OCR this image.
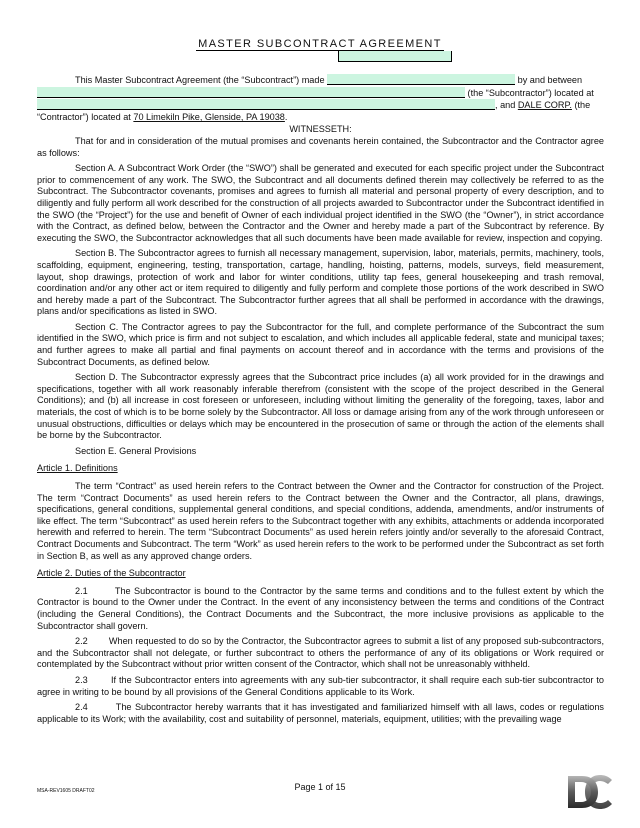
MASTER SUBCONTRACT AGREEMENT

This Master Subcontract Agreement (the “Subcontract”) made	by and between
(the “Subcontractor”) located at
, and DALE CORP. (the
“Contractor”) located at 70 Limekiln Pike, Glenside, PA 19038.

WITNESSETH:

That for and in consideration of the mutual promises and covenants herein contained, the Subcontractor and the Contractor agree as follows:

Section A. A Subcontract Work Order (the “SWO”) shall be generated and executed for each specific project under the Subcontract prior to commencement of any work. The SWO, the Subcontract and all documents defined therein may collectively be referred to as the Subcontract. The Subcontractor covenants, promises and agrees to furnish all material and personal property of every description, and to diligently and fully perform all work described for the construction of all projects awarded to Subcontractor under the Subcontract identified in the SWO (the “Project”) for the use and benefit of Owner of each individual project identified in the SWO (the “Owner”), in strict accordance with the Contract, as defined below, between the Contractor and the Owner and hereby made a part of the Subcontract by reference. By executing the SWO, the Subcontractor acknowledges that all such documents have been made available for review, inspection and copying.

Section B. The Subcontractor agrees to furnish all necessary management, supervision, labor, materials, permits, machinery, tools, scaffolding, equipment, engineering, testing, transportation, cartage, handling, hoisting, patterns, models, surveys, field measurement, layout, shop drawings, protection of work and labor for winter conditions, utility tap fees, general housekeeping and trash removal, coordination and/or any other act or item required to diligently and fully perform and complete those portions of the work described in SWO and hereby made a part of the Subcontract. The Subcontractor further agrees that all shall be performed in accordance with the drawings, plans and/or specifications as listed in SWO.

Section C. The Contractor agrees to pay the Subcontractor for the full, and complete performance of the Subcontract the sum identified in the SWO, which price is firm and not subject to escalation, and which includes all applicable federal, state and municipal taxes; and further agrees to make all partial and final payments on account thereof and in accordance with the terms and provisions of the Subcontract Documents, as defined below.

Section D. The Subcontractor expressly agrees that the Subcontract price includes (a) all work provided for in the drawings and specifications, together with all work reasonably inferable therefrom (consistent with the scope of the project described in the General Conditions); and (b) all increase in cost foreseen or unforeseen, including without limiting the generality of the foregoing, taxes, labor and materials, the cost of which is to be borne solely by the Subcontractor. All loss or damage arising from any of the work through unforeseen or unusual obstructions, difficulties or delays which may be encountered in the prosecution of same or through the action of the elements shall be borne by the Subcontractor.

Section E. General Provisions

Article 1. Definitions

The term “Contract” as used herein refers to the Contract between the Owner and the Contractor for construction of the Project. The term “Contract Documents” as used herein refers to the Contract between the Owner and the Contractor, all plans, drawings, specifications, general conditions, supplemental general conditions, and special conditions, addenda, amendments, and/or instruments of like effect. The term “Subcontract” as used herein refers to the Subcontract together with any exhibits, attachments or addenda incorporated herewith and referred to herein. The term “Subcontract Documents” as used herein refers jointly and/or severally to the aforesaid Contract, Contract Documents and Subcontract. The term “Work” as used herein refers to the work to be performed under the Subcontract as set forth in Section B, as well as any approved change orders.

Article 2. Duties of the Subcontractor

2.1        The Subcontractor is bound to the Contractor by the same terms and conditions and to the fullest extent by which the Contractor is bound to the Owner under the Contract. In the event of any inconsistency between the terms and conditions of the Contract (including the General Conditions), the Contract Documents and the Subcontract, the more inclusive provisions as applicable to the Subcontractor shall govern.

2.2        When requested to do so by the Contractor, the Subcontractor agrees to submit a list of any proposed sub-subcontractors, and the Subcontractor shall not delegate, or further subcontract to others the performance of any of its obligations or Work required or contemplated by the Subcontract without prior written consent of the Contractor, which shall not be unreasonably withheld.

2.3        If the Subcontractor enters into agreements with any sub-tier subcontractor, it shall require each sub-tier subcontractor to agree in writing to be bound by all provisions of the General Conditions applicable to its Work.

2.4        The Subcontractor hereby warrants that it has investigated and familiarized himself with all laws, codes or regulations applicable to its Work; with the availability, cost and suitability of personnel, materials, equipment, utilities; with the prevailing wage

MSA-REV1605 DRAFT02	Page 1 of 15
